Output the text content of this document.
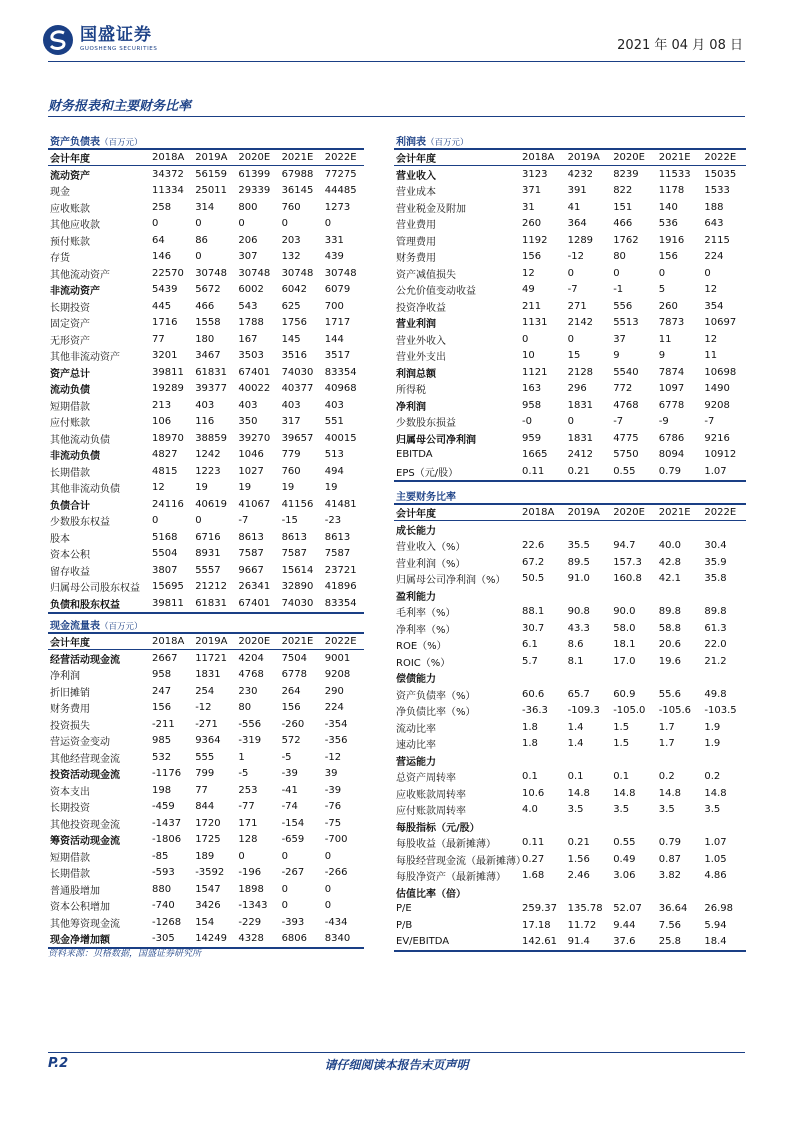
国盛证券
GUOSHENG SECURITIES	2021 年 04 月 08 日
财务报表和主要财务比率
资产负债表（百万元）					
会计年度	2018A	2019A	2020E	2021E	2022E
流动资产	34372	56159	61399	67988	77275
现金	11334	25011	29339	36145	44485
应收账款	258	314	800	760	1273
其他应收款	0	0	0	0	0
预付账款	64	86	206	203	331
存货	146	0	307	132	439
其他流动资产	22570	30748	30748	30748	30748
非流动资产	5439	5672	6002	6042	6079
长期投资	445	466	543	625	700
固定资产	1716	1558	1788	1756	1717
无形资产	77	180	167	145	144
其他非流动资产	3201	3467	3503	3516	3517
资产总计	39811	61831	67401	74030	83354
流动负债	19289	39377	40022	40377	40968
短期借款	213	403	403	403	403
应付账款	106	116	350	317	551
其他流动负债	18970	38859	39270	39657	40015
非流动负债	4827	1242	1046	779	513
长期借款	4815	1223	1027	760	494
其他非流动负债	12	19	19	19	19
负债合计	24116	40619	41067	41156	41481
少数股东权益	0	0	-7	-15	-23
股本	5168	6716	8613	8613	8613
资本公积	5504	8931	7587	7587	7587
留存收益	3807	5557	9667	15614	23721
归属母公司股东权益	15695	21212	26341	32890	41896
负债和股东权益	39811	61831	67401	74030	83354
现金流量表（百万元）					
会计年度	2018A	2019A	2020E	2021E	2022E
经营活动现金流	2667	11721	4204	7504	9001
净利润	958	1831	4768	6778	9208
折旧摊销	247	254	230	264	290
财务费用	156	-12	80	156	224
投资损失	-211	-271	-556	-260	-354
营运资金变动	985	9364	-319	572	-356
其他经营现金流	532	555	1	-5	-12
投资活动现金流	-1176	799	-5	-39	39
资本支出	198	77	253	-41	-39
长期投资	-459	844	-77	-74	-76
其他投资现金流	-1437	1720	171	-154	-75
筹资活动现金流	-1806	1725	128	-659	-700
短期借款	-85	189	0	0	0
长期借款	-593	-3592	-196	-267	-266
普通股增加	880	1547	1898	0	0
资本公积增加	-740	3426	-1343	0	0
其他筹资现金流	-1268	154	-229	-393	-434
现金净增加额	-305	14249	4328	6806	8340
利润表（百万元）					
会计年度	2018A	2019A	2020E	2021E	2022E
营业收入	3123	4232	8239	11533	15035
营业成本	371	391	822	1178	1533
营业税金及附加	31	41	151	140	188
营业费用	260	364	466	536	643
管理费用	1192	1289	1762	1916	2115
财务费用	156	-12	80	156	224
资产减值损失	12	0	0	0	0
公允价值变动收益	49	-7	-1	5	12
投资净收益	211	271	556	260	354
营业利润	1131	2142	5513	7873	10697
营业外收入	0	0	37	11	12
营业外支出	10	15	9	9	11
利润总额	1121	2128	5540	7874	10698
所得税	163	296	772	1097	1490
净利润	958	1831	4768	6778	9208
少数股东损益	-0	0	-7	-9	-7
归属母公司净利润	959	1831	4775	6786	9216
EBITDA	1665	2412	5750	8094	10912
EPS（元/股）	0.11	0.21	0.55	0.79	1.07
主要财务比率					
会计年度	2018A	2019A	2020E	2021E	2022E
成长能力					
营业收入（%）	22.6	35.5	94.7	40.0	30.4
营业利润（%）	67.2	89.5	157.3	42.8	35.9
归属母公司净利润（%）	50.5	91.0	160.8	42.1	35.8
盈利能力					
毛利率（%）	88.1	90.8	90.0	89.8	89.8
净利率（%）	30.7	43.3	58.0	58.8	61.3
ROE（%）	6.1	8.6	18.1	20.6	22.0
ROIC（%）	5.7	8.1	17.0	19.6	21.2
偿债能力					
资产负债率（%）	60.6	65.7	60.9	55.6	49.8
净负债比率（%）	-36.3	-109.3	-105.0	-105.6	-103.5
流动比率	1.8	1.4	1.5	1.7	1.9
速动比率	1.8	1.4	1.5	1.7	1.9
营运能力					
总资产周转率	0.1	0.1	0.1	0.2	0.2
应收账款周转率	10.6	14.8	14.8	14.8	14.8
应付账款周转率	4.0	3.5	3.5	3.5	3.5
每股指标（元/股）					
每股收益（最新摊薄）	0.11	0.21	0.55	0.79	1.07
每股经营现金流（最新摊薄）	0.27	1.56	0.49	0.87	1.05
每股净资产（最新摊薄）	1.68	2.46	3.06	3.82	4.86
估值比率（倍）					
P/E	259.37	135.78	52.07	36.64	26.98
P/B	17.18	11.72	9.44	7.56	5.94
EV/EBITDA	142.61	91.4	37.6	25.8	18.4
资料来源：贝格数据，国盛证券研究所
P.2	请仔细阅读本报告末页声明
